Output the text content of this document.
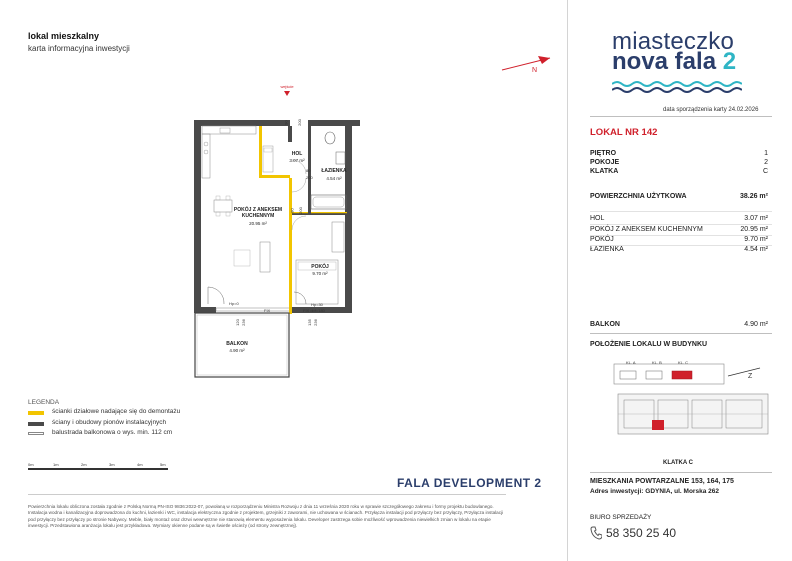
lokal mieszkalny
karta informacyjna inwestycji
N
wejście
90 200
HOL
3.07 m²
80
200
ŁAZIENKA
4.54 m²
POKÓJ Z ANEKSEM
KUCHENNYM
20.95 m²
80 200
POKÓJ
9.70 m²
Hp=0
FIX
Hp=30
FIX dof=180
120 236	135 236
BALKON
4.90 m²
LEGENDA
ścianki działowe nadające się do demontażu
ściany i obudowy pionów instalacyjnych
balustrada balkonowa o wys. min. 112 cm
0m	1m	2m	3m	4m	5m
FALA DEVELOPMENT 2
Powierzchnia lokalu obliczona została zgodnie z Polską Normą PN-ISO 9836:2022-07, powołaną w rozporządzeniu Ministra Rozwoju z dnia 11 września 2020 roku w sprawie szczegółowego zakresu i formy projektu budowlanego. Instalacja wodna i kanalizacyjna doprowadzona do kuchni, łazienki i WC, instalacja elektryczna zgodnie z projektem, grzejniki z zaworami, nie uchowana w ścianach. Przyłącza instalacji pod przyłączy bez przyłączy, Przyłącza instalacji pod przyłączy bez przyłączy po stronie Nabywcy. Meble, biały montaż oraz drzwi wewnętrzne nie stanowią elementu wyposażenia lokalu. Developer zastrzega sobie możliwość wprowadzenia niewielkich zmian w lokalu na etapie inwestycji. Przedstawiona aranżacja lokalu jest przykładowa. Wymiary okienne podane są w świetle ościeży (od strony zewnętrznej).
miasteczko
nova fala 2
data sporządzenia karty 24.02.2026
LOKAL NR 142
PIĘTRO	1
POKOJE	2
KLATKA	C
POWIERZCHNIA UŻYTKOWA	38.26 m²
HOL	3.07 m²
POKÓJ Z ANEKSEM KUCHENNYM	20.95 m²
POKÓJ	9.70 m²
ŁAZIENKA	4.54 m²
BALKON	4.90 m²
POŁOŻENIE LOKALU W BUDYNKU
Z
KL. A	KL. B	KL. C
KLATKA C
MIESZKANIA POWTARZALNE 153, 164, 175
Adres inwestycji: GDYNIA, ul. Morska 262
BIURO SPRZEDAŻY
58 350 25 40
